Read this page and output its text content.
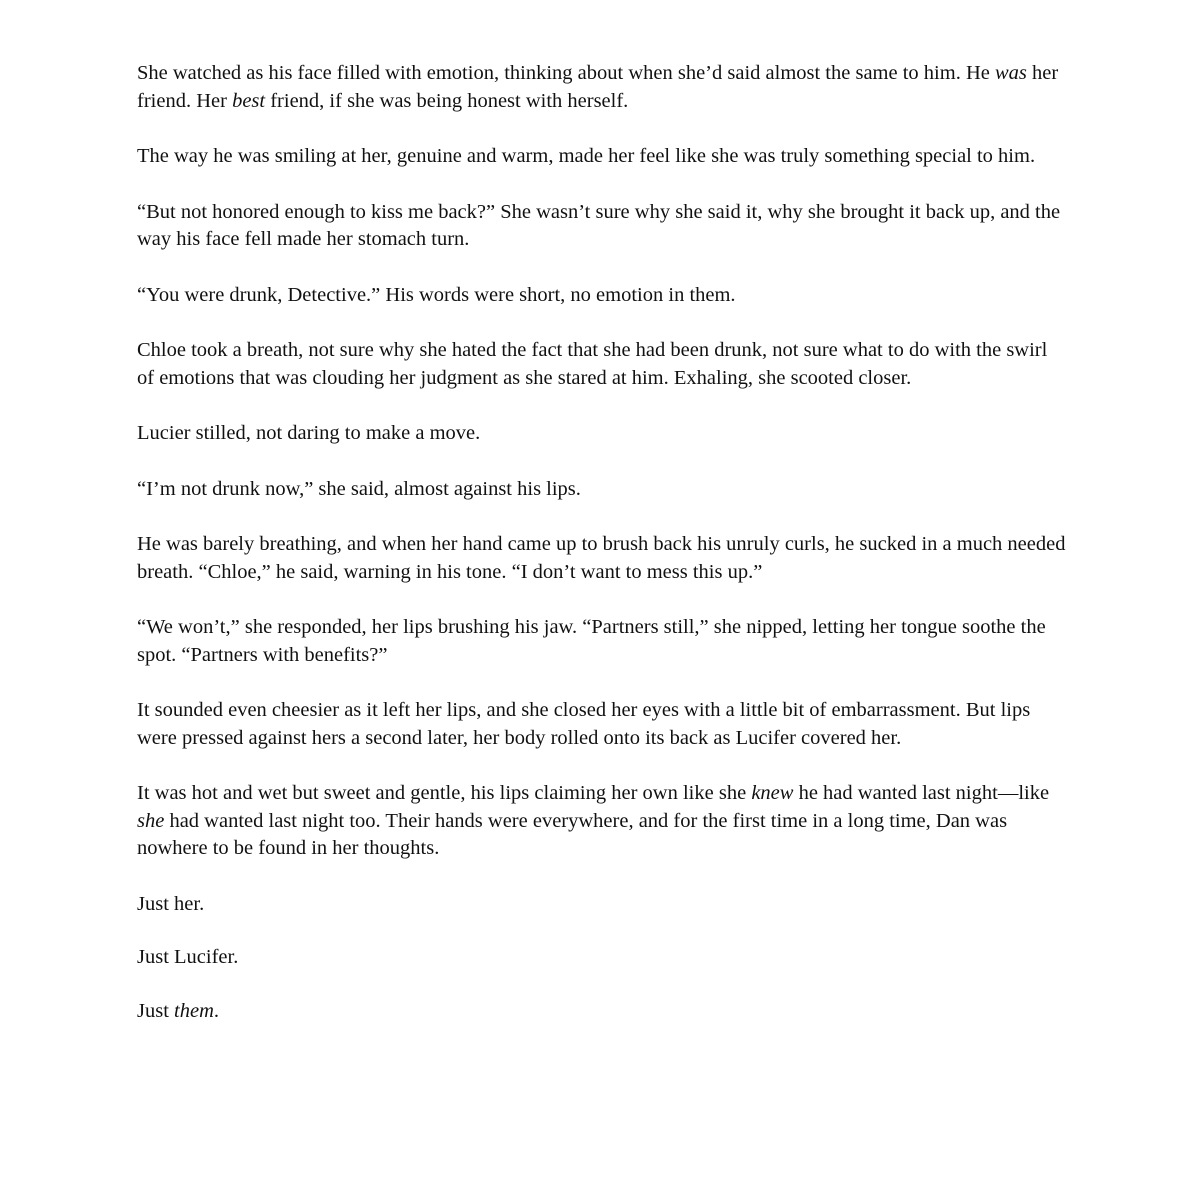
She watched as his face filled with emotion, thinking about when she’d said almost the same to him. He was her friend. Her best friend, if she was being honest with herself.

The way he was smiling at her, genuine and warm, made her feel like she was truly something special to him.

“But not honored enough to kiss me back?” She wasn’t sure why she said it, why she brought it back up, and the way his face fell made her stomach turn.

“You were drunk, Detective.” His words were short, no emotion in them.

Chloe took a breath, not sure why she hated the fact that she had been drunk, not sure what to do with the swirl of emotions that was clouding her judgment as she stared at him. Exhaling, she scooted closer.

Lucier stilled, not daring to make a move.

“I’m not drunk now,” she said, almost against his lips.

He was barely breathing, and when her hand came up to brush back his unruly curls, he sucked in a much needed breath. “Chloe,” he said, warning in his tone. “I don’t want to mess this up.”

“We won’t,” she responded, her lips brushing his jaw. “Partners still,” she nipped, letting her tongue soothe the spot. “Partners with benefits?”

It sounded even cheesier as it left her lips, and she closed her eyes with a little bit of embarrassment. But lips were pressed against hers a second later, her body rolled onto its back as Lucifer covered her.

It was hot and wet but sweet and gentle, his lips claiming her own like she knew he had wanted last night—like she had wanted last night too. Their hands were everywhere, and for the first time in a long time, Dan was nowhere to be found in her thoughts.

Just her.

Just Lucifer.

Just them.
